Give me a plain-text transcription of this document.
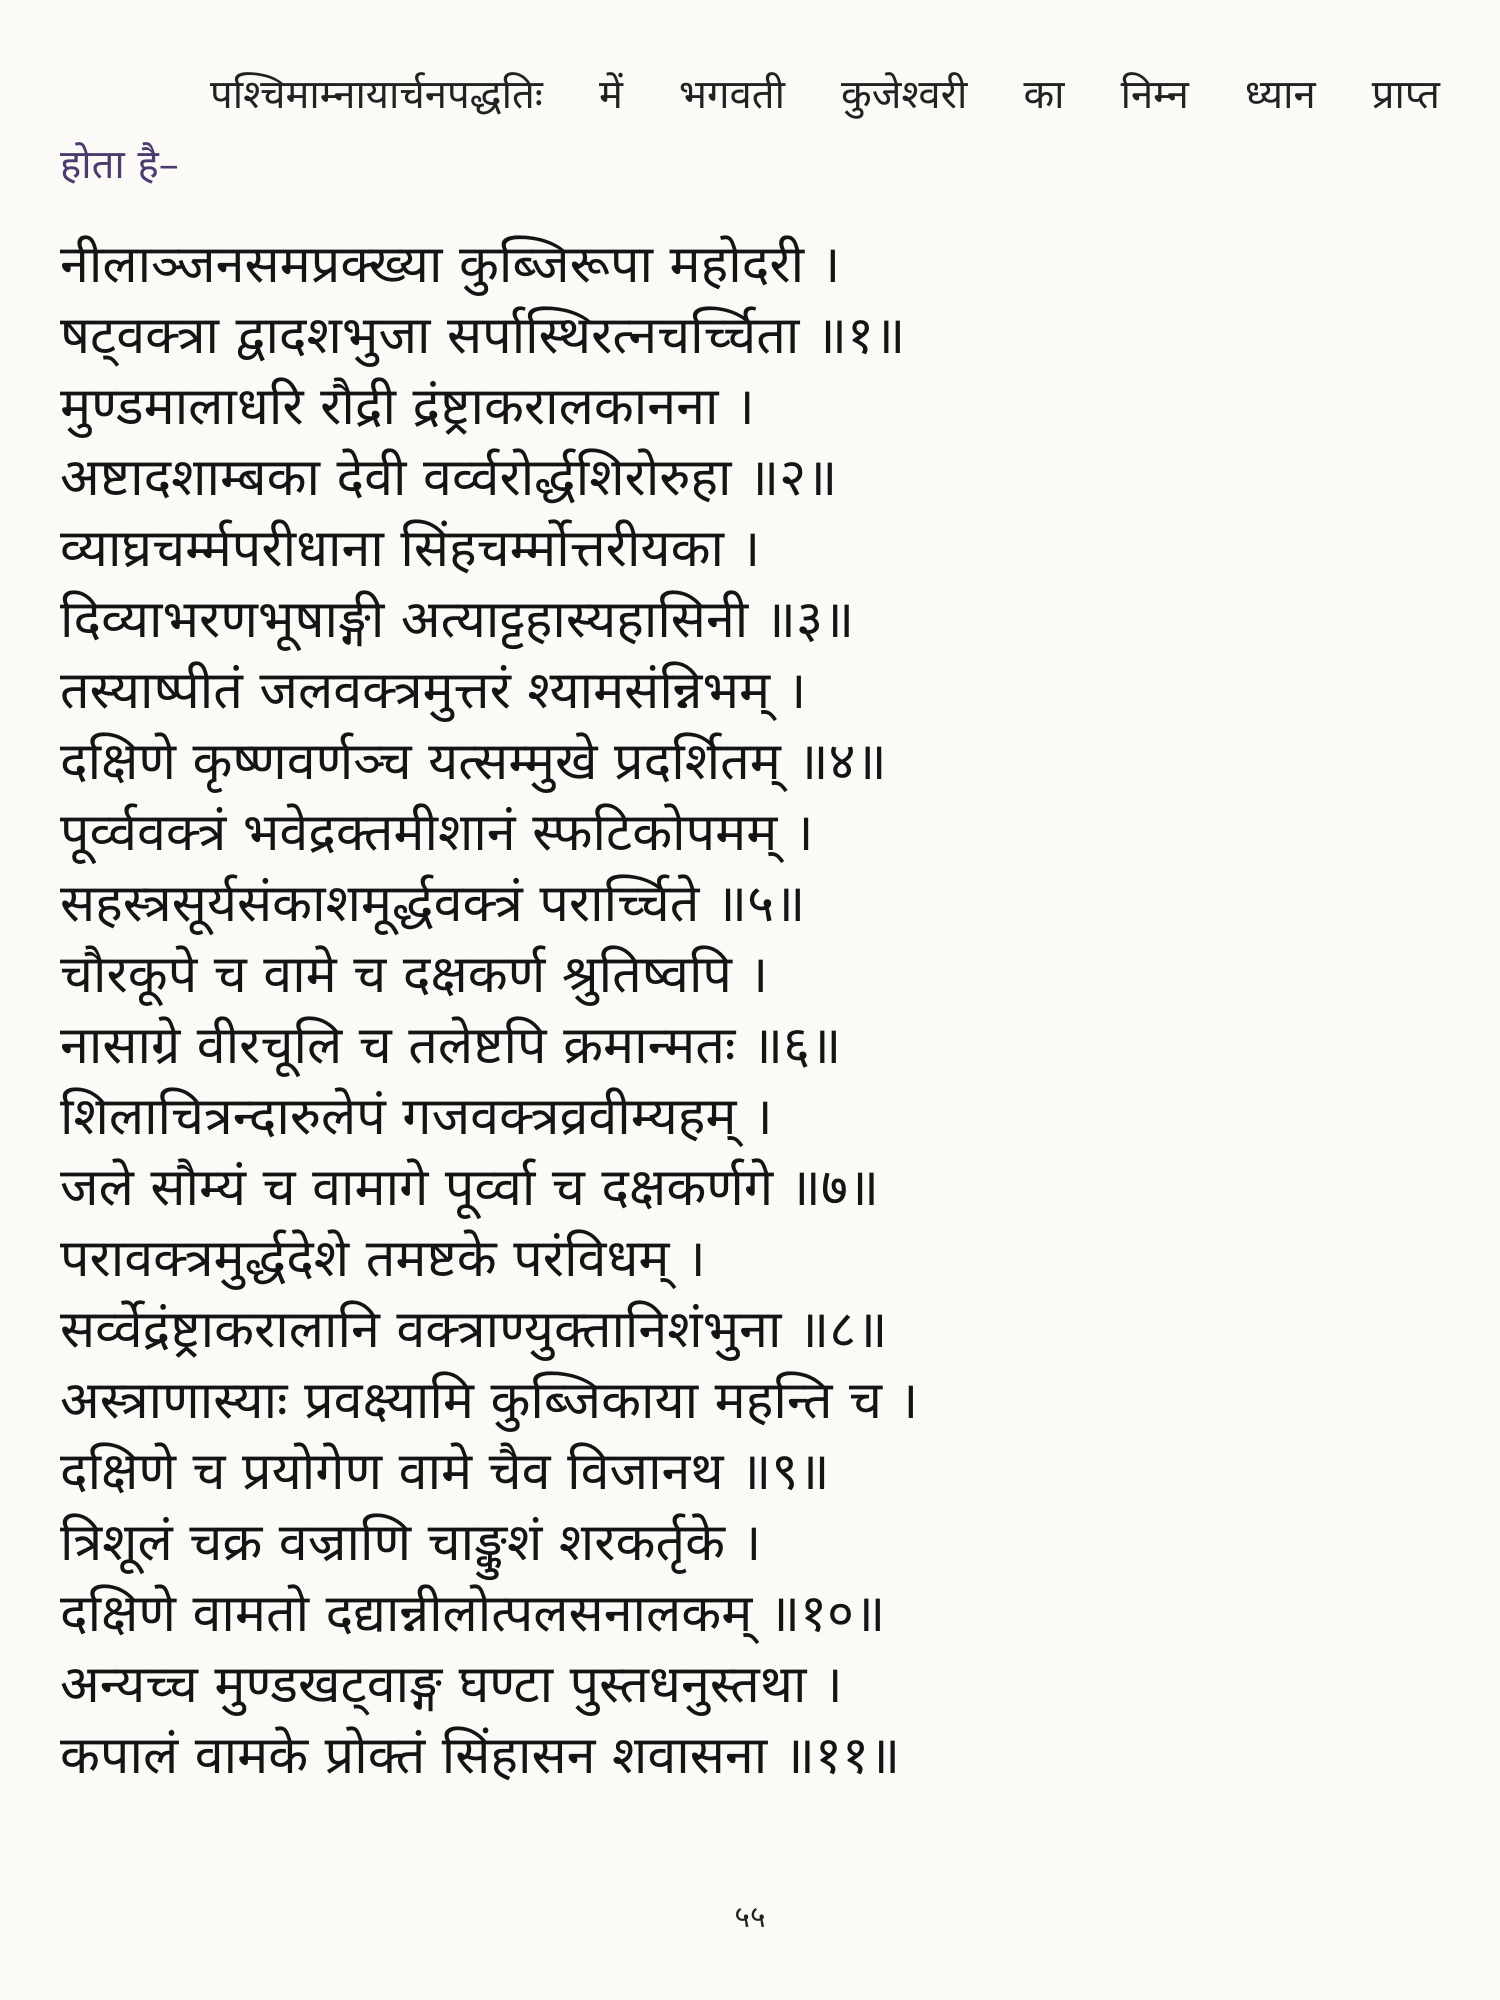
पश्चिमाम्नायार्चनपद्धतिः में भगवती कुजेश्वरी का निम्न ध्यान प्राप्त
होता है–
नीलाञ्जनसमप्रक्ख्या कुब्जिरूपा महोदरी ।
षट्वक्त्रा द्वादशभुजा सर्पास्थिरत्नचर्च्चिता ॥१॥
मुण्डमालाधरि रौद्री द्रंष्ट्राकरालकानना ।
अष्टादशाम्बका देवी वर्व्वरोर्द्धशिरोरुहा ॥२॥
व्याघ्रचर्म्मपरीधाना सिंहचर्म्मोत्तरीयका ।
दिव्याभरणभूषाङ्गी अत्याट्टहास्यहासिनी ॥३॥
तस्याष्पीतं जलवक्त्रमुत्तरं श्यामसंन्निभम् ।
दक्षिणे कृष्णवर्णञ्च यत्सम्मुखे प्रदर्शितम् ॥४॥
पूर्व्ववक्त्रं भवेद्रक्तमीशानं स्फटिकोपमम् ।
सहस्त्रसूर्यसंकाशमूर्द्धवक्त्रं परार्च्चिते ॥५॥
चौरकूपे च वामे च दक्षकर्ण श्रुतिष्वपि ।
नासाग्रे वीरचूलि च तलेष्टपि क्रमान्मतः ॥६॥
शिलाचित्रन्दारुलेपं गजवक्त्रव्रवीम्यहम् ।
जले सौम्यं च वामागे पूर्व्वा च दक्षकर्णगे ॥७॥
परावक्त्रमुर्द्धदेशे तमष्टके परंविधम् ।
सर्व्वेद्रंष्ट्राकरालानि वक्त्राण्युक्तानिशंभुना ॥८॥
अस्त्राणास्याः प्रवक्ष्यामि कुब्जिकाया महन्ति च ।
दक्षिणे च प्रयोगेण वामे चैव विजानथ ॥९॥
त्रिशूलं चक्र वज्राणि चाङ्कुशं शरकर्तृके ।
दक्षिणे वामतो दद्यान्नीलोत्पलसनालकम् ॥१०॥
अन्यच्च मुण्डखट्वाङ्ग घण्टा पुस्तधनुस्तथा ।
कपालं वामके प्रोक्तं सिंहासन शवासना ॥११॥
५५
